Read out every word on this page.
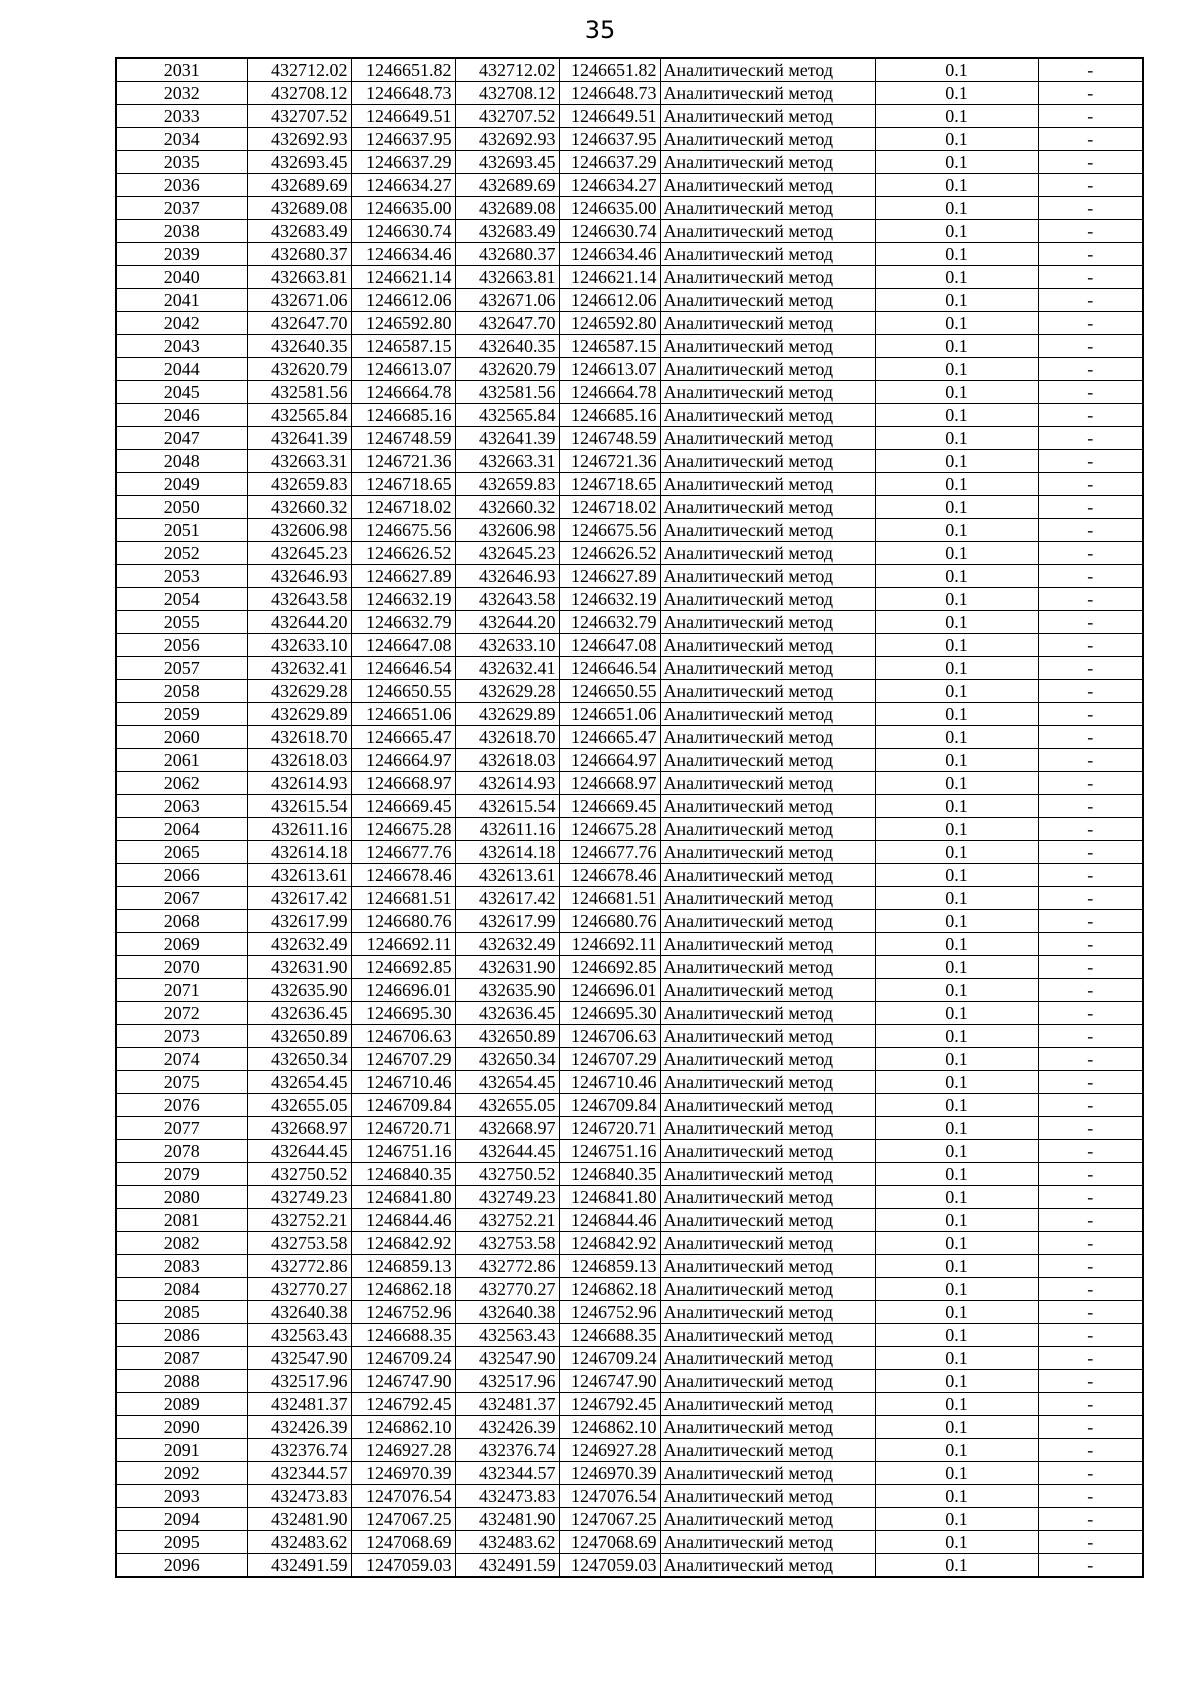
35
2031	432712.02	1246651.82	432712.02	1246651.82	Аналитический метод	0.1	-
2032	432708.12	1246648.73	432708.12	1246648.73	Аналитический метод	0.1	-
2033	432707.52	1246649.51	432707.52	1246649.51	Аналитический метод	0.1	-
2034	432692.93	1246637.95	432692.93	1246637.95	Аналитический метод	0.1	-
2035	432693.45	1246637.29	432693.45	1246637.29	Аналитический метод	0.1	-
2036	432689.69	1246634.27	432689.69	1246634.27	Аналитический метод	0.1	-
2037	432689.08	1246635.00	432689.08	1246635.00	Аналитический метод	0.1	-
2038	432683.49	1246630.74	432683.49	1246630.74	Аналитический метод	0.1	-
2039	432680.37	1246634.46	432680.37	1246634.46	Аналитический метод	0.1	-
2040	432663.81	1246621.14	432663.81	1246621.14	Аналитический метод	0.1	-
2041	432671.06	1246612.06	432671.06	1246612.06	Аналитический метод	0.1	-
2042	432647.70	1246592.80	432647.70	1246592.80	Аналитический метод	0.1	-
2043	432640.35	1246587.15	432640.35	1246587.15	Аналитический метод	0.1	-
2044	432620.79	1246613.07	432620.79	1246613.07	Аналитический метод	0.1	-
2045	432581.56	1246664.78	432581.56	1246664.78	Аналитический метод	0.1	-
2046	432565.84	1246685.16	432565.84	1246685.16	Аналитический метод	0.1	-
2047	432641.39	1246748.59	432641.39	1246748.59	Аналитический метод	0.1	-
2048	432663.31	1246721.36	432663.31	1246721.36	Аналитический метод	0.1	-
2049	432659.83	1246718.65	432659.83	1246718.65	Аналитический метод	0.1	-
2050	432660.32	1246718.02	432660.32	1246718.02	Аналитический метод	0.1	-
2051	432606.98	1246675.56	432606.98	1246675.56	Аналитический метод	0.1	-
2052	432645.23	1246626.52	432645.23	1246626.52	Аналитический метод	0.1	-
2053	432646.93	1246627.89	432646.93	1246627.89	Аналитический метод	0.1	-
2054	432643.58	1246632.19	432643.58	1246632.19	Аналитический метод	0.1	-
2055	432644.20	1246632.79	432644.20	1246632.79	Аналитический метод	0.1	-
2056	432633.10	1246647.08	432633.10	1246647.08	Аналитический метод	0.1	-
2057	432632.41	1246646.54	432632.41	1246646.54	Аналитический метод	0.1	-
2058	432629.28	1246650.55	432629.28	1246650.55	Аналитический метод	0.1	-
2059	432629.89	1246651.06	432629.89	1246651.06	Аналитический метод	0.1	-
2060	432618.70	1246665.47	432618.70	1246665.47	Аналитический метод	0.1	-
2061	432618.03	1246664.97	432618.03	1246664.97	Аналитический метод	0.1	-
2062	432614.93	1246668.97	432614.93	1246668.97	Аналитический метод	0.1	-
2063	432615.54	1246669.45	432615.54	1246669.45	Аналитический метод	0.1	-
2064	432611.16	1246675.28	432611.16	1246675.28	Аналитический метод	0.1	-
2065	432614.18	1246677.76	432614.18	1246677.76	Аналитический метод	0.1	-
2066	432613.61	1246678.46	432613.61	1246678.46	Аналитический метод	0.1	-
2067	432617.42	1246681.51	432617.42	1246681.51	Аналитический метод	0.1	-
2068	432617.99	1246680.76	432617.99	1246680.76	Аналитический метод	0.1	-
2069	432632.49	1246692.11	432632.49	1246692.11	Аналитический метод	0.1	-
2070	432631.90	1246692.85	432631.90	1246692.85	Аналитический метод	0.1	-
2071	432635.90	1246696.01	432635.90	1246696.01	Аналитический метод	0.1	-
2072	432636.45	1246695.30	432636.45	1246695.30	Аналитический метод	0.1	-
2073	432650.89	1246706.63	432650.89	1246706.63	Аналитический метод	0.1	-
2074	432650.34	1246707.29	432650.34	1246707.29	Аналитический метод	0.1	-
2075	432654.45	1246710.46	432654.45	1246710.46	Аналитический метод	0.1	-
2076	432655.05	1246709.84	432655.05	1246709.84	Аналитический метод	0.1	-
2077	432668.97	1246720.71	432668.97	1246720.71	Аналитический метод	0.1	-
2078	432644.45	1246751.16	432644.45	1246751.16	Аналитический метод	0.1	-
2079	432750.52	1246840.35	432750.52	1246840.35	Аналитический метод	0.1	-
2080	432749.23	1246841.80	432749.23	1246841.80	Аналитический метод	0.1	-
2081	432752.21	1246844.46	432752.21	1246844.46	Аналитический метод	0.1	-
2082	432753.58	1246842.92	432753.58	1246842.92	Аналитический метод	0.1	-
2083	432772.86	1246859.13	432772.86	1246859.13	Аналитический метод	0.1	-
2084	432770.27	1246862.18	432770.27	1246862.18	Аналитический метод	0.1	-
2085	432640.38	1246752.96	432640.38	1246752.96	Аналитический метод	0.1	-
2086	432563.43	1246688.35	432563.43	1246688.35	Аналитический метод	0.1	-
2087	432547.90	1246709.24	432547.90	1246709.24	Аналитический метод	0.1	-
2088	432517.96	1246747.90	432517.96	1246747.90	Аналитический метод	0.1	-
2089	432481.37	1246792.45	432481.37	1246792.45	Аналитический метод	0.1	-
2090	432426.39	1246862.10	432426.39	1246862.10	Аналитический метод	0.1	-
2091	432376.74	1246927.28	432376.74	1246927.28	Аналитический метод	0.1	-
2092	432344.57	1246970.39	432344.57	1246970.39	Аналитический метод	0.1	-
2093	432473.83	1247076.54	432473.83	1247076.54	Аналитический метод	0.1	-
2094	432481.90	1247067.25	432481.90	1247067.25	Аналитический метод	0.1	-
2095	432483.62	1247068.69	432483.62	1247068.69	Аналитический метод	0.1	-
2096	432491.59	1247059.03	432491.59	1247059.03	Аналитический метод	0.1	-
